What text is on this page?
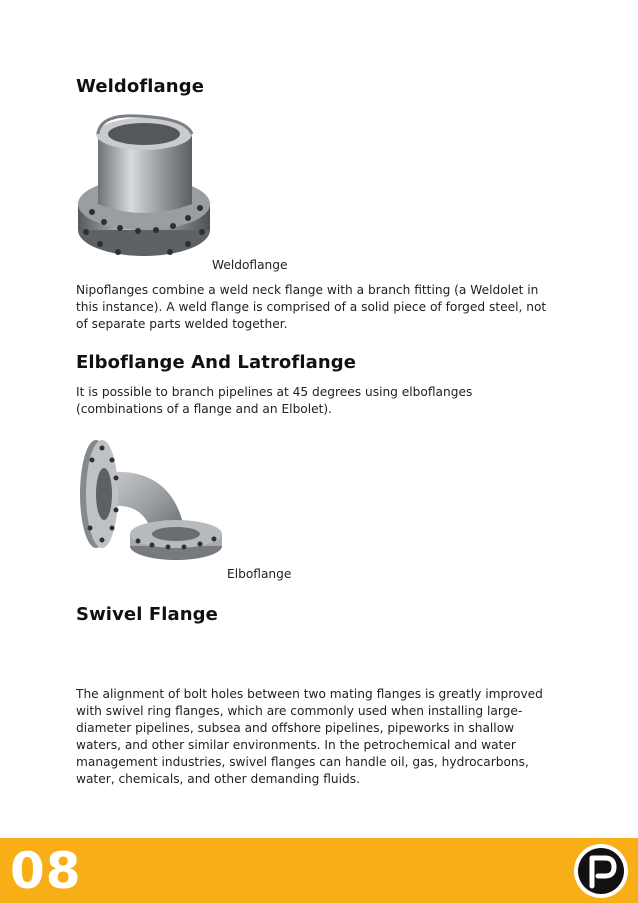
Weldoflange
Weldoflange

Nipoflanges combine a weld neck flange with a branch fitting (a Weldolet in this instance). A weld flange is comprised of a solid piece of forged steel, not of separate parts welded together.

Elboflange And Latroflange

It is possible to branch pipelines at 45 degrees using elboflanges (combinations of a flange and an Elbolet).

Elboflange
Swivel Flange

The alignment of bolt holes between two mating flanges is greatly improved with swivel ring flanges, which are commonly used when installing large-diameter pipelines, subsea and offshore pipelines, pipeworks in shallow waters, and other similar environments. In the petrochemical and water management industries, swivel flanges can handle oil, gas, hydrocarbons, water, chemicals, and other demanding fluids.

08
